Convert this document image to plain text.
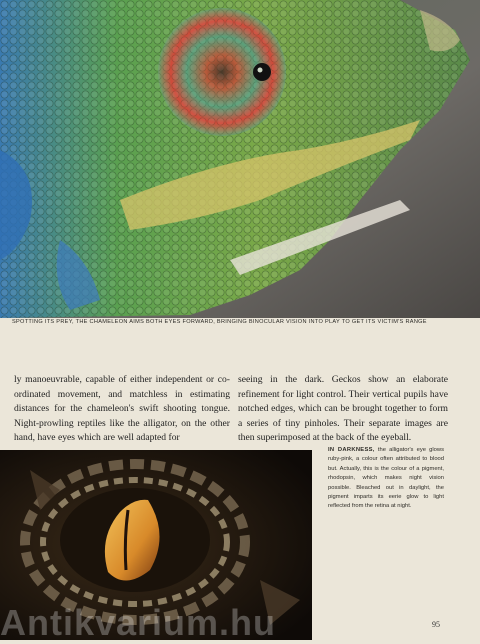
SPOTTING ITS PREY, THE CHAMELEON AIMS BOTH EYES FORWARD, BRINGING BINOCULAR VISION INTO PLAY TO GET ITS VICTIM'S RANGE
ly manoeuvrable, capable of either independent or co-ordinated movement, and matchless in estimating distances for the chameleon's swift shooting tongue. Night-prowling reptiles like the alligator, on the other hand, have eyes which are well adapted for
seeing in the dark. Geckos show an elaborate refinement for light control. Their vertical pupils have notched edges, which can be brought together to form a series of tiny pinholes. Their separate images are then superimposed at the back of the eyeball.
IN DARKNESS, the alligator's eye glows ruby-pink, a colour often attributed to blood but. Actually, this is the colour of a pigment, rhodopsin, which makes night vision possible. Bleached out in daylight, the pigment imparts its eerie glow to light reflected from the retina at night.
95
Antikvarium.hu
